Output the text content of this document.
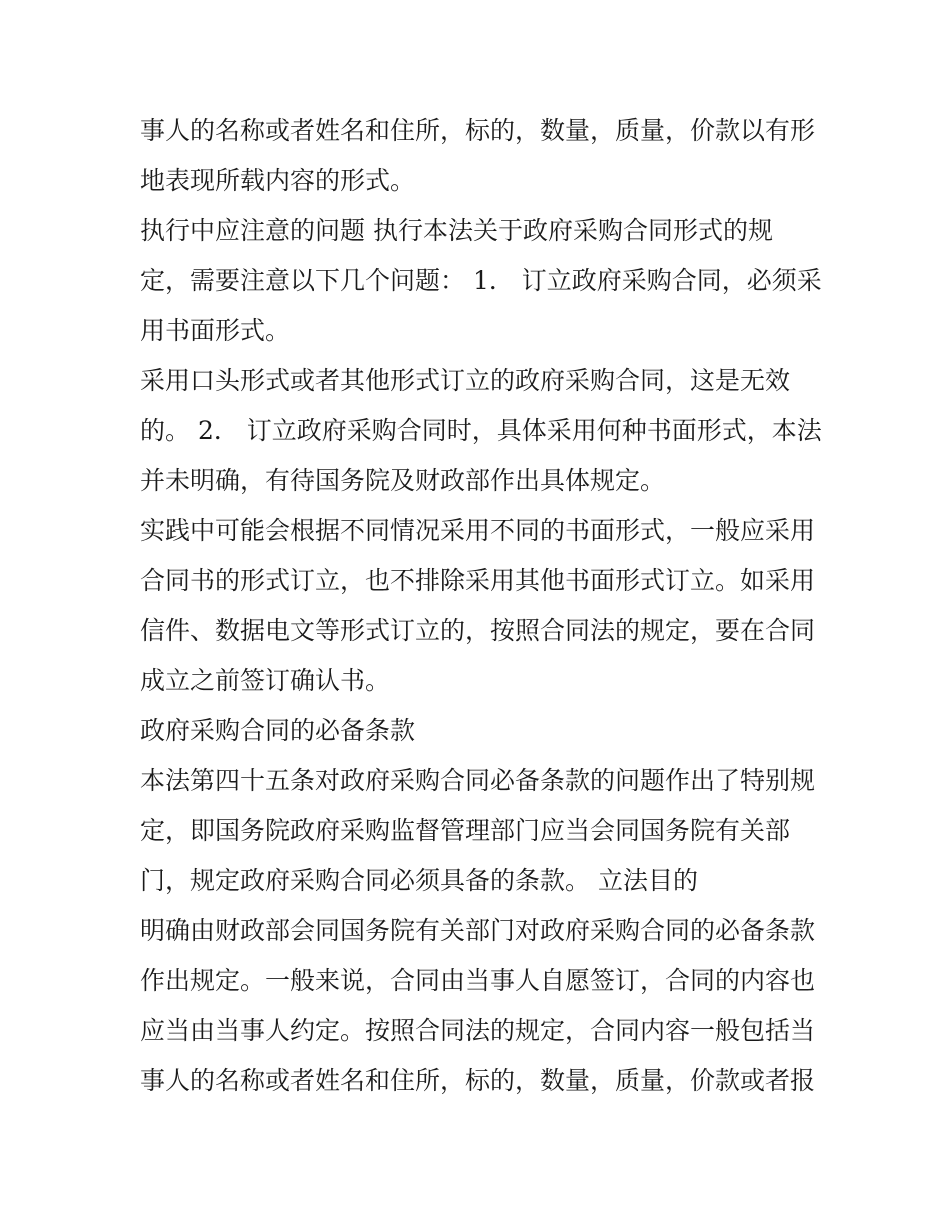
事人的名称或者姓名和住所，标的，数量，质量，价款以有形
地表现所载内容的形式。
执行中应注意的问题 执行本法关于政府采购合同形式的规
定，需要注意以下几个问题： 1． 订立政府采购合同，必须采
用书面形式。
采用口头形式或者其他形式订立的政府采购合同，这是无效
的。 2． 订立政府采购合同时，具体采用何种书面形式，本法
并未明确，有待国务院及财政部作出具体规定。
实践中可能会根据不同情况采用不同的书面形式，一般应采用
合同书的形式订立，也不排除采用其他书面形式订立。如采用
信件、数据电文等形式订立的，按照合同法的规定，要在合同
成立之前签订确认书。
政府采购合同的必备条款
本法第四十五条对政府采购合同必备条款的问题作出了特别规
定，即国务院政府采购监督管理部门应当会同国务院有关部
门，规定政府采购合同必须具备的条款。 立法目的
明确由财政部会同国务院有关部门对政府采购合同的必备条款
作出规定。一般来说，合同由当事人自愿签订，合同的内容也
应当由当事人约定。按照合同法的规定，合同内容一般包括当
事人的名称或者姓名和住所，标的，数量，质量，价款或者报
